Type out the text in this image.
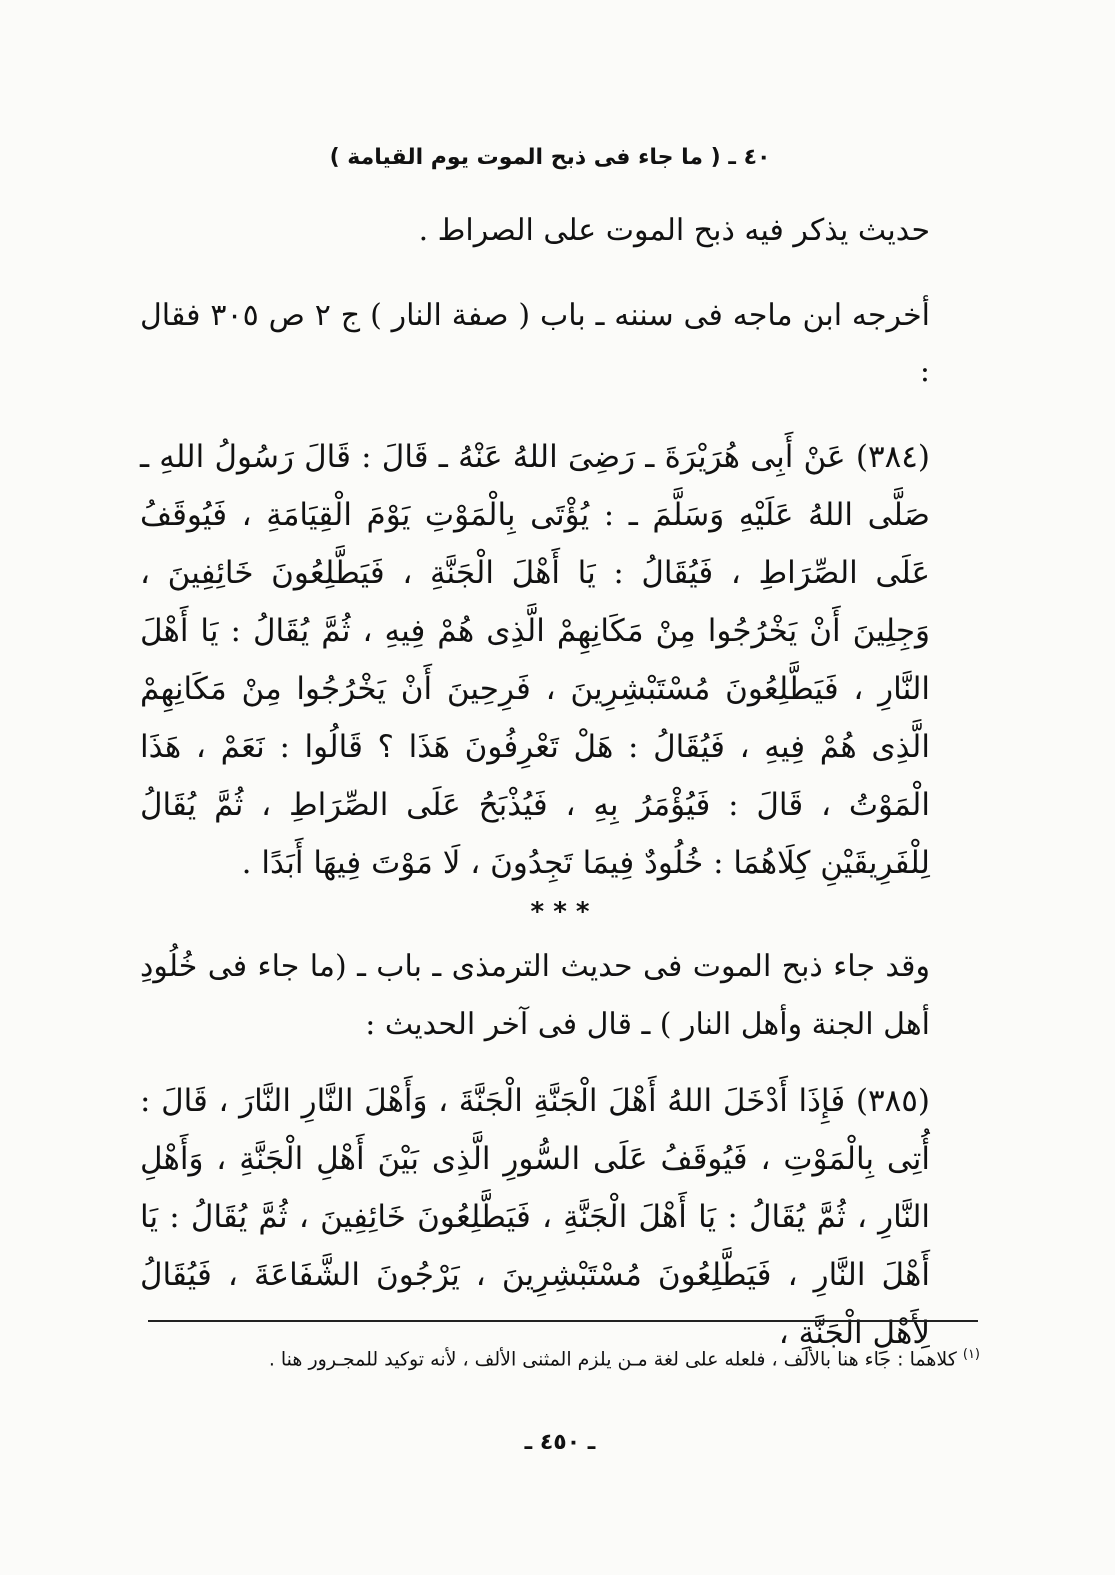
٤٠ ـ ( ما جاء فى ذبح الموت يوم القيامة )
حديث يذكر فيه ذبح الموت على الصراط .
أخرجه ابن ماجه فى سننه ـ باب ( صفة النار ) ج ٢ ص ٣٠٥ فقال :
(٣٨٤) عَنْ أَبِى هُرَيْرَةَ ـ رَضِىَ اللهُ عَنْهُ ـ قَالَ : قَالَ رَسُولُ اللهِ ـ صَلَّى اللهُ عَلَيْهِ وَسَلَّمَ ـ : يُؤْتَى بِالْمَوْتِ يَوْمَ الْقِيَامَةِ ، فَيُوقَفُ عَلَى الصِّرَاطِ ، فَيُقَالُ : يَا أَهْلَ الْجَنَّةِ ، فَيَطَّلِعُونَ خَائِفِينَ ، وَجِلِينَ أَنْ يَخْرُجُوا مِنْ مَكَانِهِمْ الَّذِى هُمْ فِيهِ ، ثُمَّ يُقَالُ : يَا أَهْلَ النَّارِ ، فَيَطَّلِعُونَ مُسْتَبْشِرِينَ ، فَرِحِينَ أَنْ يَخْرُجُوا مِنْ مَكَانِهِمْ الَّذِى هُمْ فِيهِ ، فَيُقَالُ : هَلْ تَعْرِفُونَ هَذَا ؟ قَالُوا : نَعَمْ ، هَذَا الْمَوْتُ ، قَالَ : فَيُؤْمَرُ بِهِ ، فَيُذْبَحُ عَلَى الصِّرَاطِ ، ثُمَّ يُقَالُ لِلْفَرِيقَيْنِ كِلَاهُمَا : خُلُودٌ فِيمَا تَجِدُونَ ، لَا مَوْتَ فِيهَا أَبَدًا .
* * *
وقد جاء ذبح الموت فى حديث الترمذى ـ باب ـ (ما جاء فى خُلُودِ أهل الجنة وأهل النار ) ـ قال فى آخر الحديث :
(٣٨٥) فَإِذَا أَدْخَلَ اللهُ أَهْلَ الْجَنَّةِ الْجَنَّةَ ، وَأَهْلَ النَّارِ النَّارَ ، قَالَ : أُتِى بِالْمَوْتِ ، فَيُوقَفُ عَلَى السُّورِ الَّذِى بَيْنَ أَهْلِ الْجَنَّةِ ، وَأَهْلِ النَّارِ ، ثُمَّ يُقَالُ : يَا أَهْلَ الْجَنَّةِ ، فَيَطَّلِعُونَ خَائِفِينَ ، ثُمَّ يُقَالُ : يَا أَهْلَ النَّارِ ، فَيَطَّلِعُونَ مُسْتَبْشِرِينَ ، يَرْجُونَ الشَّفَاعَةَ ، فَيُقَالُ لِأَهْلِ الْجَنَّةِ ،
$^{(١)}$ كلاهما : جاء هنا بالألف ، فلعله على لغة مـن يلزم المثنى الألف ، لأنه توكيد للمجـرور هنا .
ـ ٤٥٠ ـ
